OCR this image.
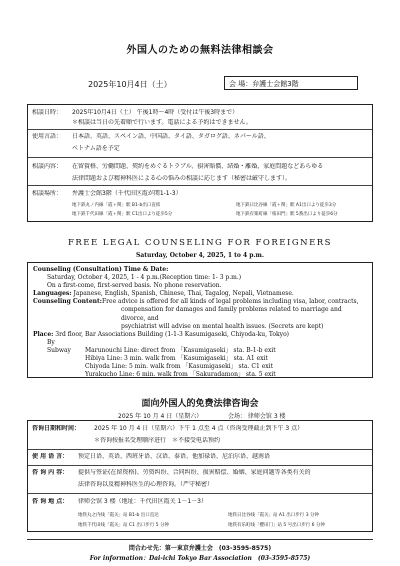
外国人のための無料法律相談会
2025年10月4日（土）	会 場：弁護士会館3階
相談日時： 2025年10月4日（土） 午後1時～4時（受付は午後3時まで）
＊相談は当日の先着順で行います。電話による予約はできません。
使用言語： 日本語、英語、スペイン語、中国語、タイ語、タガログ語、ネパール語、
ベトナム語を予定
相談内容： 在留資格、労働問題、契約をめぐるトラブル、損害賠償、結婚・離婚、家庭問題などあらゆる
法律問題および精神科医による心の悩みの相談に応じます（秘密は厳守します）。
相談場所： 弁護士会館3階（千代田区霞が関1-1-3）
地下鉄丸ノ内線「霞ヶ関」駅 B1-b出口直結	地下鉄日比谷線「霞ヶ関」駅 A1出口より徒歩3分
地下鉄千代田線「霞ヶ関」駅 C1出口より徒歩5分	地下鉄有楽町線「桜田門」駅 5番出口より徒歩6分
FREE LEGAL COUNSELING FOR FOREIGNERS
Saturday, October 4, 2025, 1 to 4 p.m.
Counseling (Consultation) Time & Date:
Saturday, October 4, 2025, 1 - 4 p.m.(Reception time: 1- 3 p.m.)
On a first-come, first-served basis. No phone reservation.
Languages: Japanese, English, Spanish, Chinese, Thai, Tagalog, Nepali, Vietnamese.
Counseling Content:Free advice is offered for all kinds of legal problems including visa, labor, contracts,
compensation for damages and family problems related to marriage and divorce, and
psychiatrist will advise on mental health issues. (Secrets are kept)
Place: 3rd floor, Bar Associations Building (1-1-3 Kasumigaseki, Chiyoda-ku, Tokyo)
By Subway Marunouchi Line: direct from 「Kasumigaseki」 sta. B-1-b exit
Hibiya Line: 3 min. walk from 「Kasumigaseki」 sta. A1 exit
Chiyoda Line: 5 min. walk from 「Kasumigaseki」 sta. C1 exit
Yurakucho Line: 6 min. walk from 「Sakuradamon」 sta. 5 exit
面向外国人的免费法律咨询会
2025 年 10 月 4 日（星期六）	会场： 律师会馆 3 楼
咨询日期和时间： 2025 年 10 月 4 日（星期六）下午 1 点至 4 点（咨询受理截止到下午 3 点）
＊咨询按报名受理顺序进行　＊不接受电话预约
使 用 语 言： 预定日语、英语、西班牙语、汉语、泰语、他加禄语、尼泊尔语、越南语
咨 询 内 容： 提供与签证(在留资格)、劳资纠纷、合同纠纷、损害赔偿、婚姻、家庭问题等各类有关的
法律咨询以及精神科医生的心理咨询。（严守秘密）
咨 询 地 点： 律师会馆 3 楼（地址：千代田区霞关 1－1－3）
地铁丸之内线「霞关」站 B1-b 出口直达	地铁日比谷线「霞关」站 A1 出口步行 3 分钟
地铁千代田线「霞关」站 C1 出口步行 5 分钟	地铁有乐町线「樱田门」站 5 号出口步行 6 分钟
問合わせ先：第一東京弁護士会　(03-3595-8575)
For information：Dai-ichi Tokyo Bar Association　(03-3595-8575)
